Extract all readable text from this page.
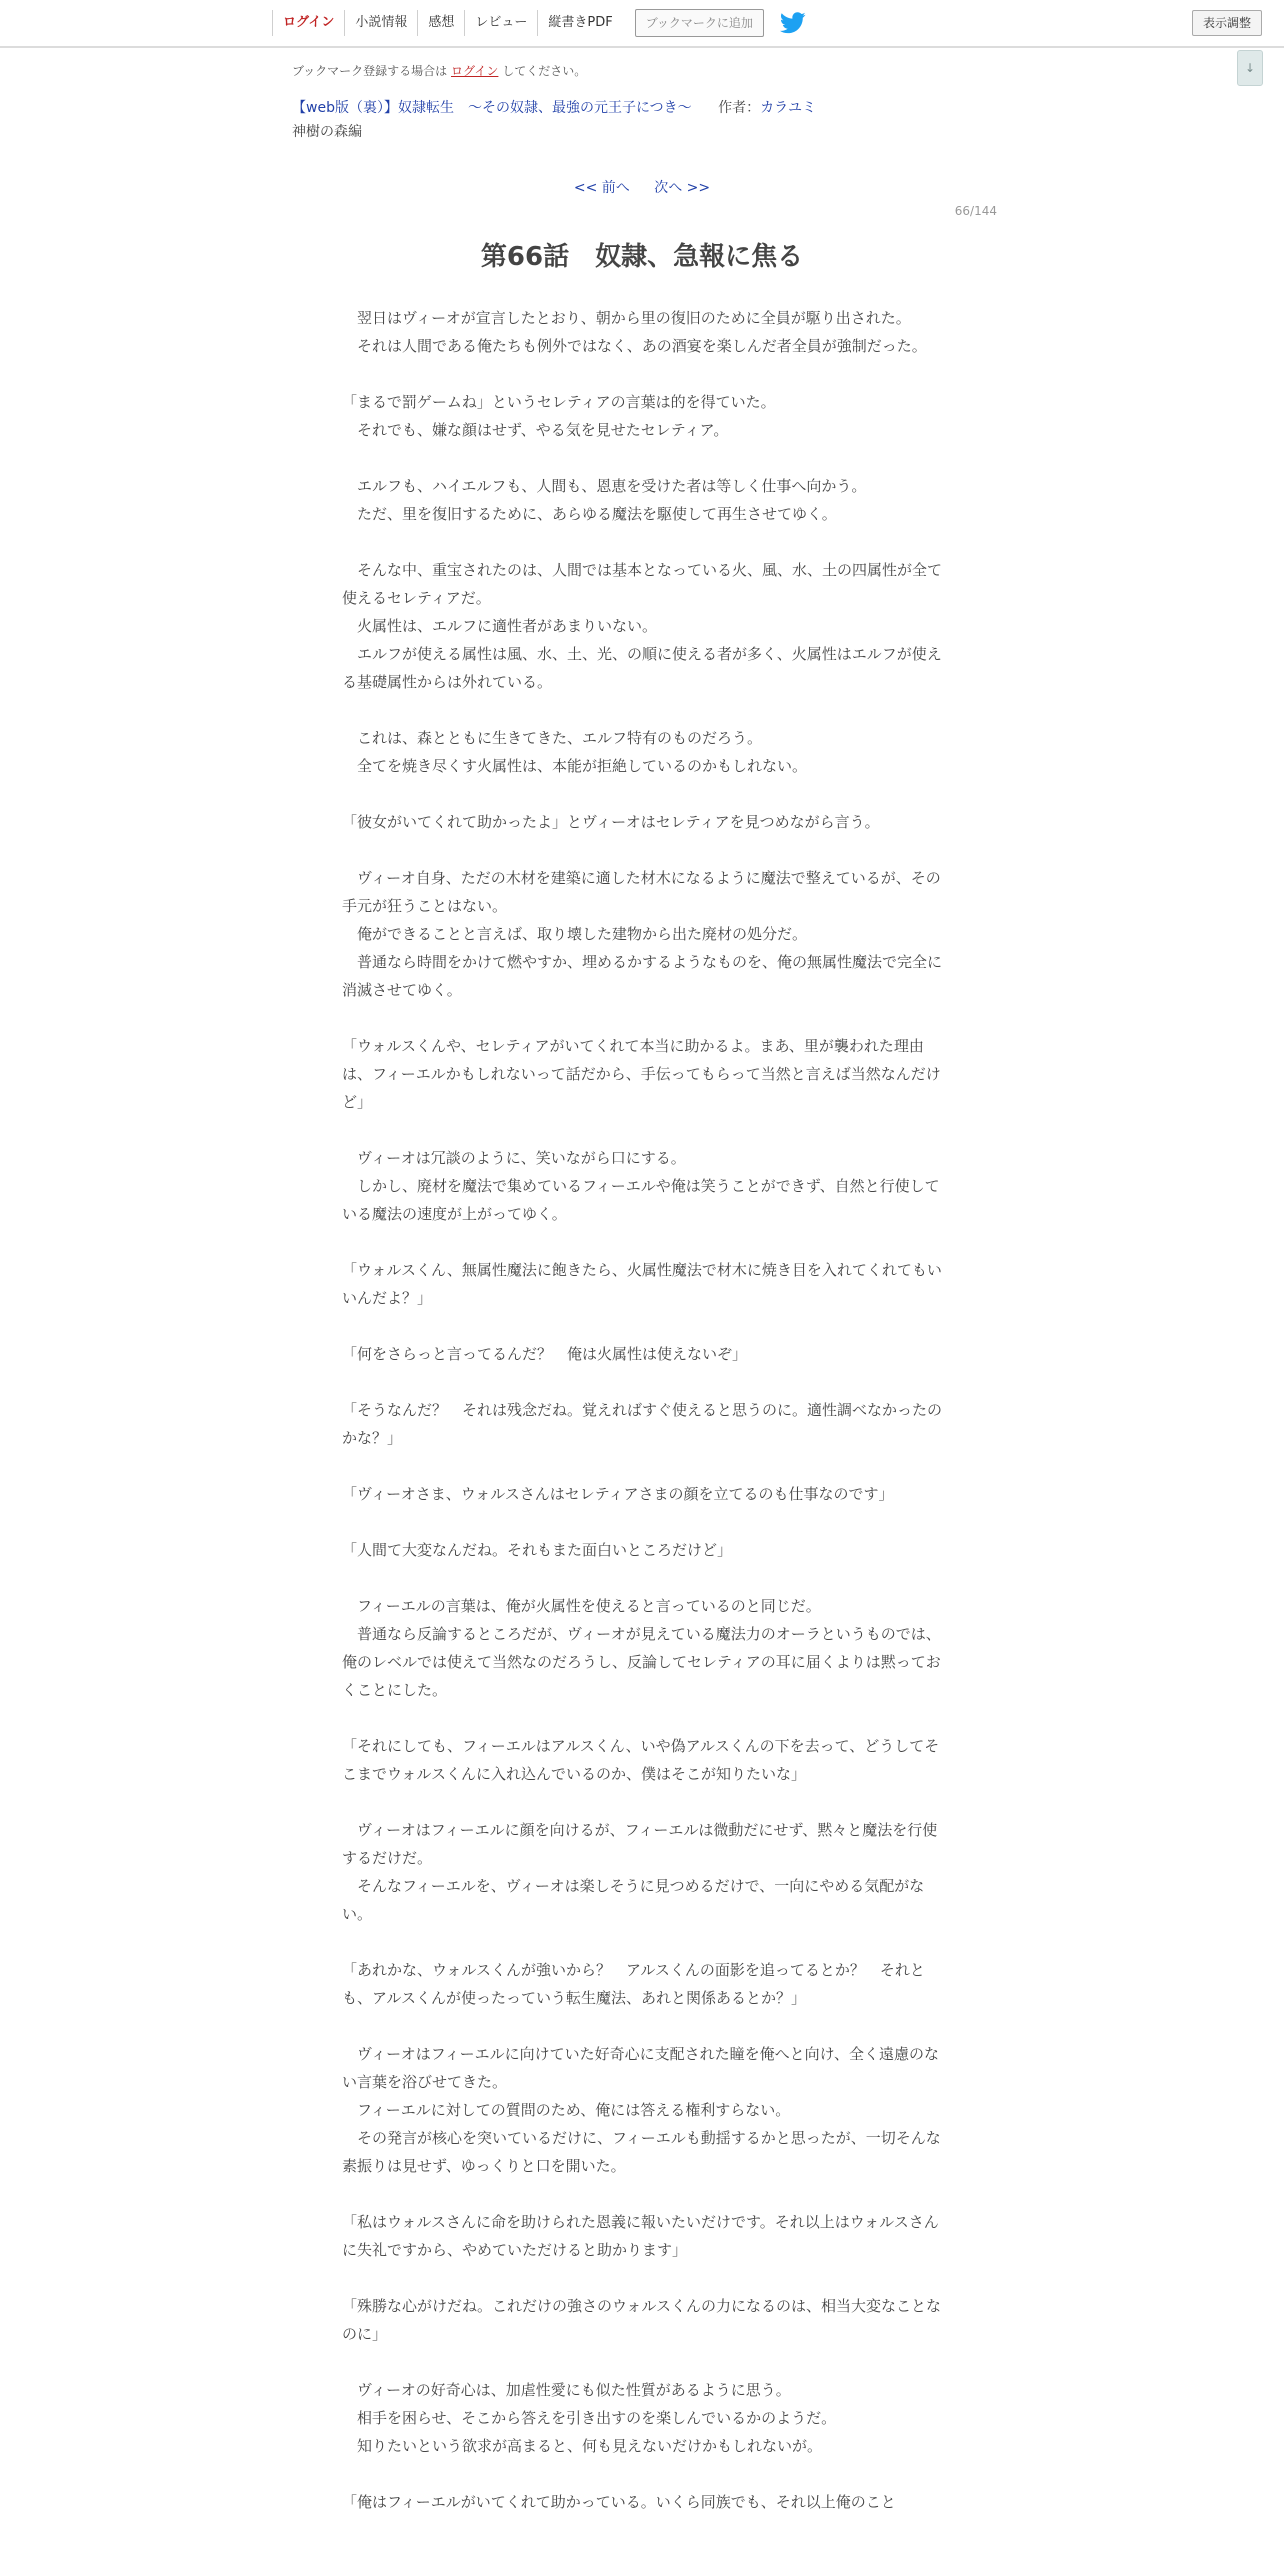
ログイン	小説情報	感想	レビュー	縦書きPDF	ブックマークに追加	表示調整
↓
ブックマーク登録する場合は ログイン してください。
【web版（裏）】奴隷転生　～その奴隷、最強の元王子につき～ 作者：カラユミ
神樹の森編
<< 前へ 次へ >>
66/144
第66話　奴隷、急報に焦る

　翌日はヴィーオが宣言したとおり、朝から里の復旧のために全員が駆り出された。

　それは人間である俺たちも例外ではなく、あの酒宴を楽しんだ者全員が強制だった。

「まるで罰ゲームね」というセレティアの言葉は的を得ていた。

　それでも、嫌な顔はせず、やる気を見せたセレティア。

　エルフも、ハイエルフも、人間も、恩恵を受けた者は等しく仕事へ向かう。

　ただ、里を復旧するために、あらゆる魔法を駆使して再生させてゆく。

　そんな中、重宝されたのは、人間では基本となっている火、風、水、土の四属性が全て使えるセレティアだ。

　火属性は、エルフに適性者があまりいない。

　エルフが使える属性は風、水、土、光、の順に使える者が多く、火属性はエルフが使える基礎属性からは外れている。

　これは、森とともに生きてきた、エルフ特有のものだろう。

　全てを焼き尽くす火属性は、本能が拒絶しているのかもしれない。

「彼女がいてくれて助かったよ」とヴィーオはセレティアを見つめながら言う。

　ヴィーオ自身、ただの木材を建築に適した材木になるように魔法で整えているが、その手元が狂うことはない。

　俺ができることと言えば、取り壊した建物から出た廃材の処分だ。

　普通なら時間をかけて燃やすか、埋めるかするようなものを、俺の無属性魔法で完全に消滅させてゆく。

「ウォルスくんや、セレティアがいてくれて本当に助かるよ。まあ、里が襲われた理由は、フィーエルかもしれないって話だから、手伝ってもらって当然と言えば当然なんだけど」

　ヴィーオは冗談のように、笑いながら口にする。

　しかし、廃材を魔法で集めているフィーエルや俺は笑うことができず、自然と行使している魔法の速度が上がってゆく。

「ウォルスくん、無属性魔法に飽きたら、火属性魔法で材木に焼き目を入れてくれてもいいんだよ？」

「何をさらっと言ってるんだ？　俺は火属性は使えないぞ」

「そうなんだ？　それは残念だね。覚えればすぐ使えると思うのに。適性調べなかったのかな？」

「ヴィーオさま、ウォルスさんはセレティアさまの顔を立てるのも仕事なのです」

「人間て大変なんだね。それもまた面白いところだけど」

　フィーエルの言葉は、俺が火属性を使えると言っているのと同じだ。

　普通なら反論するところだが、ヴィーオが見えている魔法力のオーラというものでは、俺のレベルでは使えて当然なのだろうし、反論してセレティアの耳に届くよりは黙っておくことにした。

「それにしても、フィーエルはアルスくん、いや偽アルスくんの下を去って、どうしてそこまでウォルスくんに入れ込んでいるのか、僕はそこが知りたいな」

　ヴィーオはフィーエルに顔を向けるが、フィーエルは微動だにせず、黙々と魔法を行使するだけだ。

　そんなフィーエルを、ヴィーオは楽しそうに見つめるだけで、一向にやめる気配がない。

「あれかな、ウォルスくんが強いから？　アルスくんの面影を追ってるとか？　それとも、アルスくんが使ったっていう転生魔法、あれと関係あるとか？」

　ヴィーオはフィーエルに向けていた好奇心に支配された瞳を俺へと向け、全く遠慮のない言葉を浴びせてきた。

　フィーエルに対しての質問のため、俺には答える権利すらない。

　その発言が核心を突いているだけに、フィーエルも動揺するかと思ったが、一切そんな素振りは見せず、ゆっくりと口を開いた。

「私はウォルスさんに命を助けられた恩義に報いたいだけです。それ以上はウォルスさんに失礼ですから、やめていただけると助かります」

「殊勝な心がけだね。これだけの強さのウォルスくんの力になるのは、相当大変なことなのに」

　ヴィーオの好奇心は、加虐性愛にも似た性質があるように思う。

　相手を困らせ、そこから答えを引き出すのを楽しんでいるかのようだ。

　知りたいという欲求が高まると、何も見えないだけかもしれないが。

「俺はフィーエルがいてくれて助かっている。いくら同族でも、それ以上俺のこと
